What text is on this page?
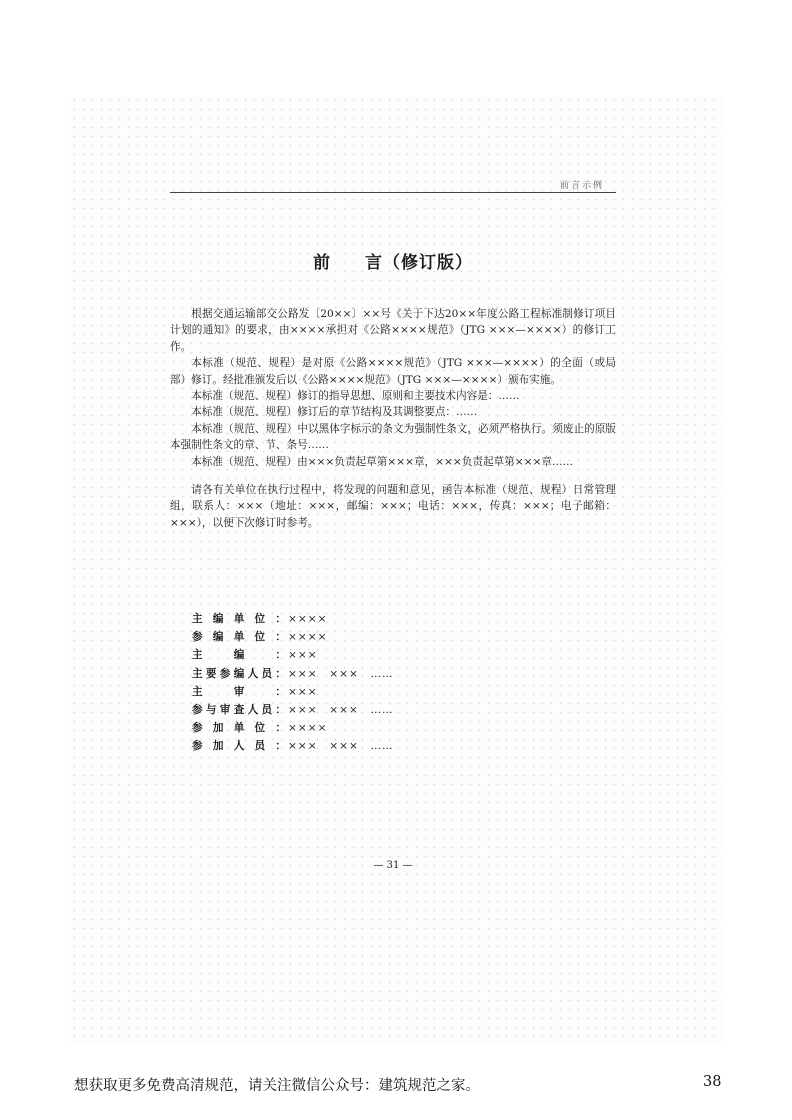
前言示例
前 言（修订版）

根据交通运输部交公路发〔20××〕××号《关于下达20××年度公路工程标准制修订项目计划的通知》的要求，由××××承担对《公路××××规范》（JTG ×××—××××）的修订工作。

本标准（规范、规程）是对原《公路××××规范》（JTG ×××—××××）的全面（或局部）修订。经批准颁发后以《公路××××规范》（JTG ×××—××××）颁布实施。

本标准（规范、规程）修订的指导思想、原则和主要技术内容是：……

本标准（规范、规程）修订后的章节结构及其调整要点：……

本标准（规范、规程）中以黑体字标示的条文为强制性条文，必须严格执行。须废止的原版本强制性条文的章、节、条号……

本标准（规范、规程）由×××负责起草第×××章，×××负责起草第×××章……

请各有关单位在执行过程中，将发现的问题和意见，函告本标准（规范、规程）日常管理组，联系人：×××（地址：×××，邮编：×××；电话：×××，传真：×××；电子邮箱：×××），以便下次修订时参考。

主编单位： ××××
参编单位： ××××
主编： ×××
主要参编人员： ×××　×××　……
主审： ×××
参与审查人员： ×××　×××　……
参加单位： ××××
参加人员： ×××　×××　……
— 31 —
想获取更多免费高清规范，请关注微信公众号：建筑规范之家。	38
